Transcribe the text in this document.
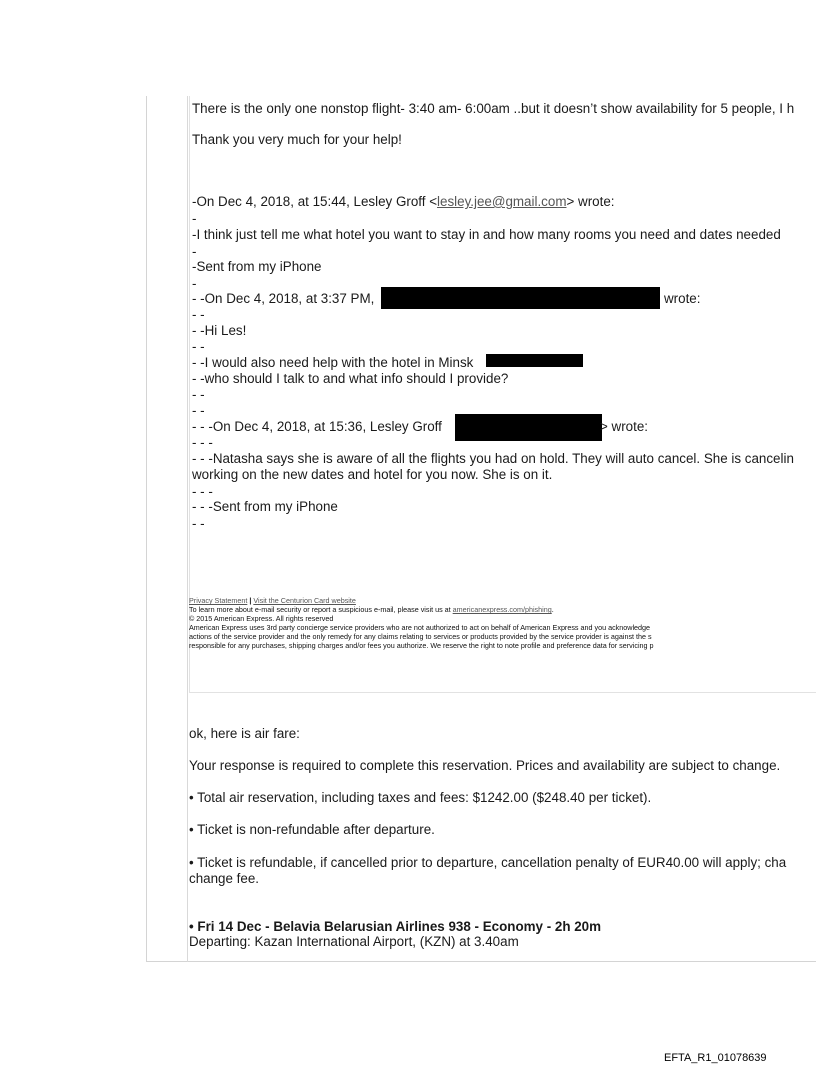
There is the only one nonstop flight- 3:40 am- 6:00am ..but it doesn’t show availability for 5 people, I h
Thank you very much for your help!
-On Dec 4, 2018, at 15:44, Lesley Groff <lesley.jee@gmail.com> wrote:
-
-I think just tell me what hotel you want to stay in and how many rooms you need and dates needed
-
-Sent from my iPhone
-
- -On Dec 4, 2018, at 3:37 PM,	wrote:
- -
- -Hi Les!
- -
- -I would also need help with the hotel in Minsk
- -who should I talk to and what info should I provide?
- -
- -
- - -On Dec 4, 2018, at 15:36, Lesley Groff	> wrote:
- - -
- - -Natasha says she is aware of all the flights you had on hold. They will auto cancel. She is cancelin
working on the new dates and hotel for you now. She is on it.
- - -
- - -Sent from my iPhone
- -
Privacy Statement | Visit the Centurion Card website
To learn more about e-mail security or report a suspicious e-mail, please visit us at americanexpress.com/phishing.
© 2015 American Express. All rights reserved
American Express uses 3rd party concierge service providers who are not authorized to act on behalf of American Express and you acknowledge
actions of the service provider and the only remedy for any claims relating to services or products provided by the service provider is against the s
responsible for any purchases, shipping charges and/or fees you authorize. We reserve the right to note profile and preference data for servicing p
ok, here is air fare:
Your response is required to complete this reservation. Prices and availability are subject to change.
• Total air reservation, including taxes and fees: $1242.00 ($248.40 per ticket).
• Ticket is non-refundable after departure.
• Ticket is refundable, if cancelled prior to departure, cancellation penalty of EUR40.00 will apply; cha
change fee.
• Fri 14 Dec - Belavia Belarusian Airlines 938 - Economy - 2h 20m
Departing: Kazan International Airport, (KZN) at 3.40am
EFTA_R1_01078639
